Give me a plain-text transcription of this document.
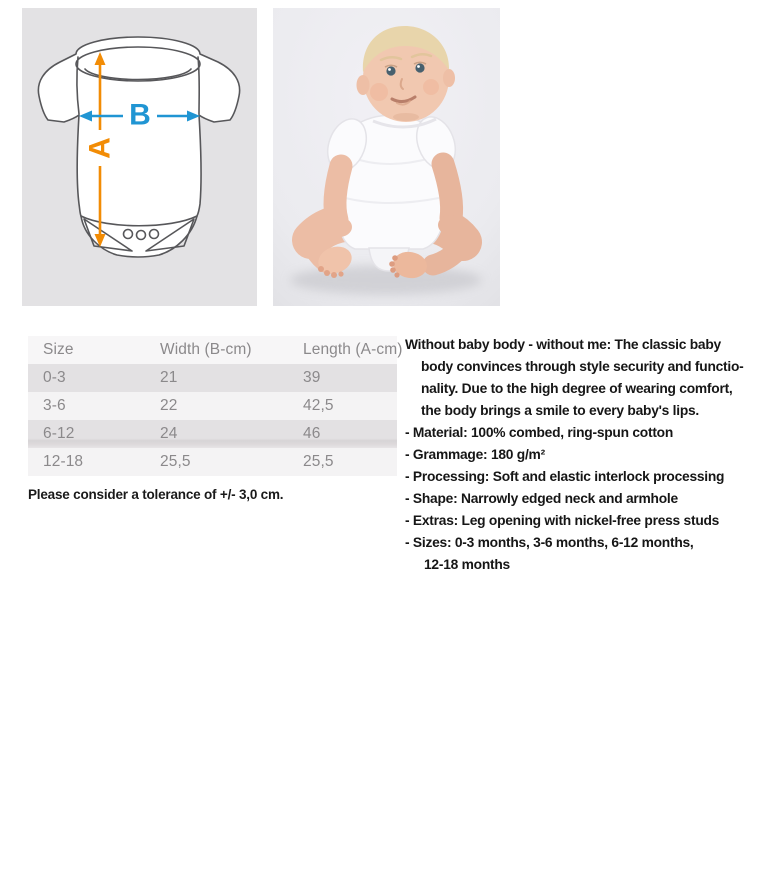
A
B
Size	Width (B-cm)	Length (A-cm)
0-3	21	39
3-6	22	42,5
6-12	24	46
12-18	25,5	25,5

Please consider a tolerance of +/- 3,0 cm.

Without baby body - without me: The classic baby
body convinces through style security and functio-
nality. Due to the high degree of wearing comfort,
the body brings a smile to every baby's lips.
- Material: 100% combed, ring-spun cotton
- Grammage: 180 g/m²
- Processing: Soft and elastic interlock processing
- Shape: Narrowly edged neck and armhole
- Extras: Leg opening with nickel-free press studs
- Sizes: 0-3 months, 3-6 months, 6-12 months,
12-18 months
